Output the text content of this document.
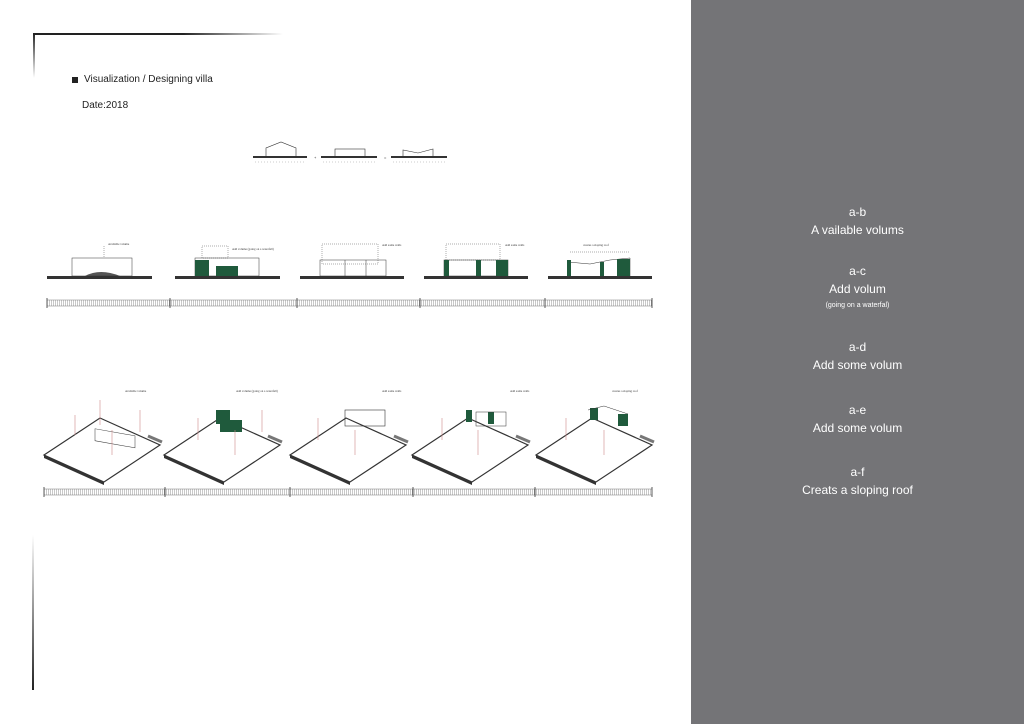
Visualization / Designing villa
Date:2018
+	=
Available volume
Add volume (going on a waterfall)
Add some walls	Add some walls	creates a sloping roof
Available volume	Add volume (going on a waterfall)	Add some walls	Add some walls	creates a sloping roof
a-b
A vailable volums
a-c
Add volum
(going on a waterfal)
a-d
Add some volum
a-e
Add some volum
a-f
Creats a sloping roof
